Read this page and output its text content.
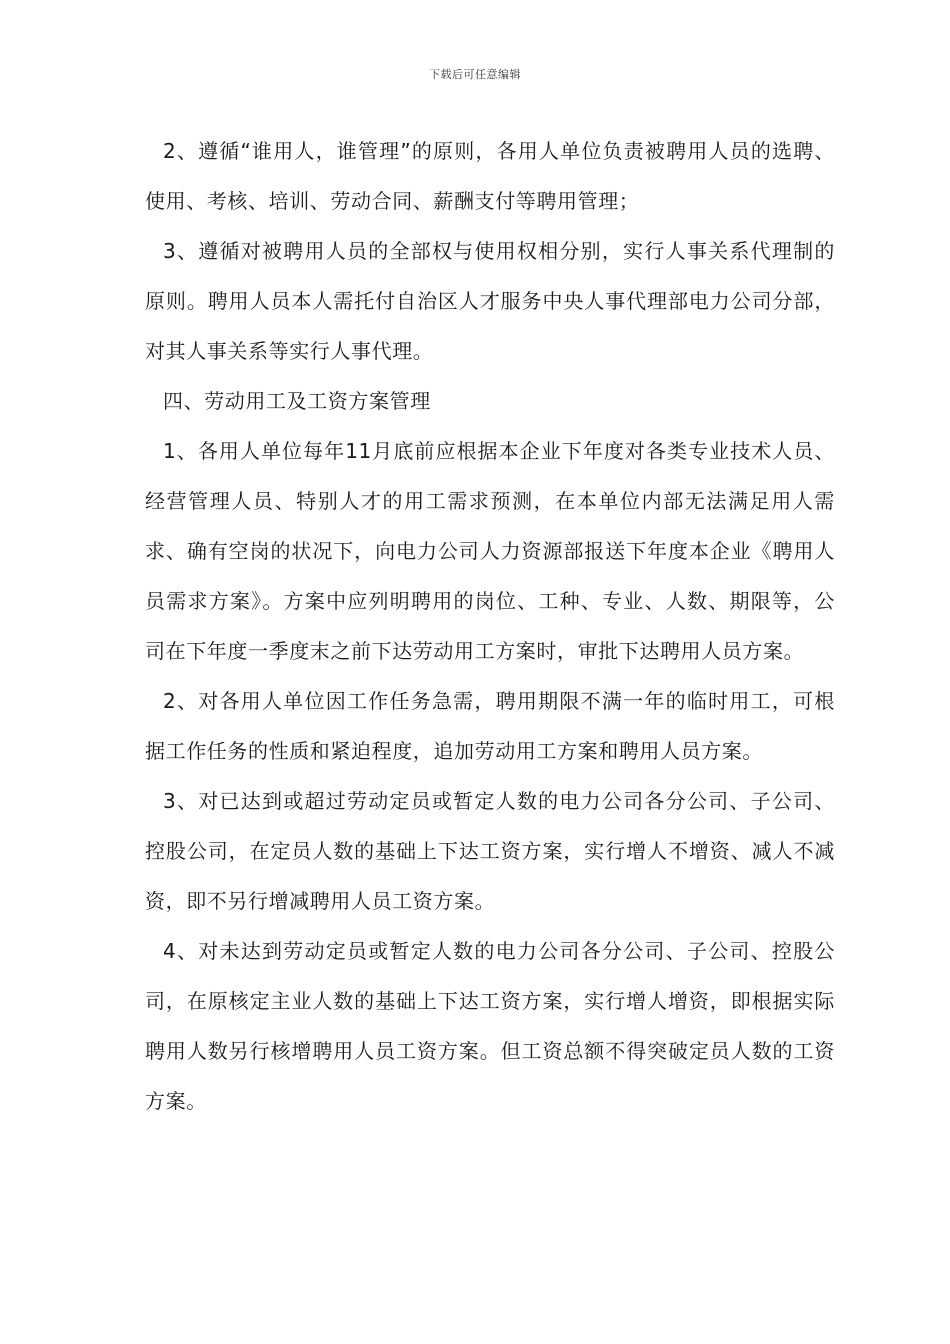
下载后可任意编辑

2、遵循“谁用人，谁管理”的原则，各用人单位负责被聘用人员的选聘、使用、考核、培训、劳动合同、薪酬支付等聘用管理；

3、遵循对被聘用人员的全部权与使用权相分别，实行人事关系代理制的原则。聘用人员本人需托付自治区人才服务中央人事代理部电力公司分部，对其人事关系等实行人事代理。

四、劳动用工及工资方案管理

1、各用人单位每年11月底前应根据本企业下年度对各类专业技术人员、经营管理人员、特别人才的用工需求预测，在本单位内部无法满足用人需求、确有空岗的状况下，向电力公司人力资源部报送下年度本企业《聘用人员需求方案》。方案中应列明聘用的岗位、工种、专业、人数、期限等，公司在下年度一季度末之前下达劳动用工方案时，审批下达聘用人员方案。

2、对各用人单位因工作任务急需，聘用期限不满一年的临时用工，可根据工作任务的性质和紧迫程度，追加劳动用工方案和聘用人员方案。

3、对已达到或超过劳动定员或暂定人数的电力公司各分公司、子公司、控股公司，在定员人数的基础上下达工资方案，实行增人不增资、减人不减资，即不另行增减聘用人员工资方案。

4、对未达到劳动定员或暂定人数的电力公司各分公司、子公司、控股公司，在原核定主业人数的基础上下达工资方案，实行增人增资，即根据实际聘用人数另行核增聘用人员工资方案。但工资总额不得突破定员人数的工资方案。
